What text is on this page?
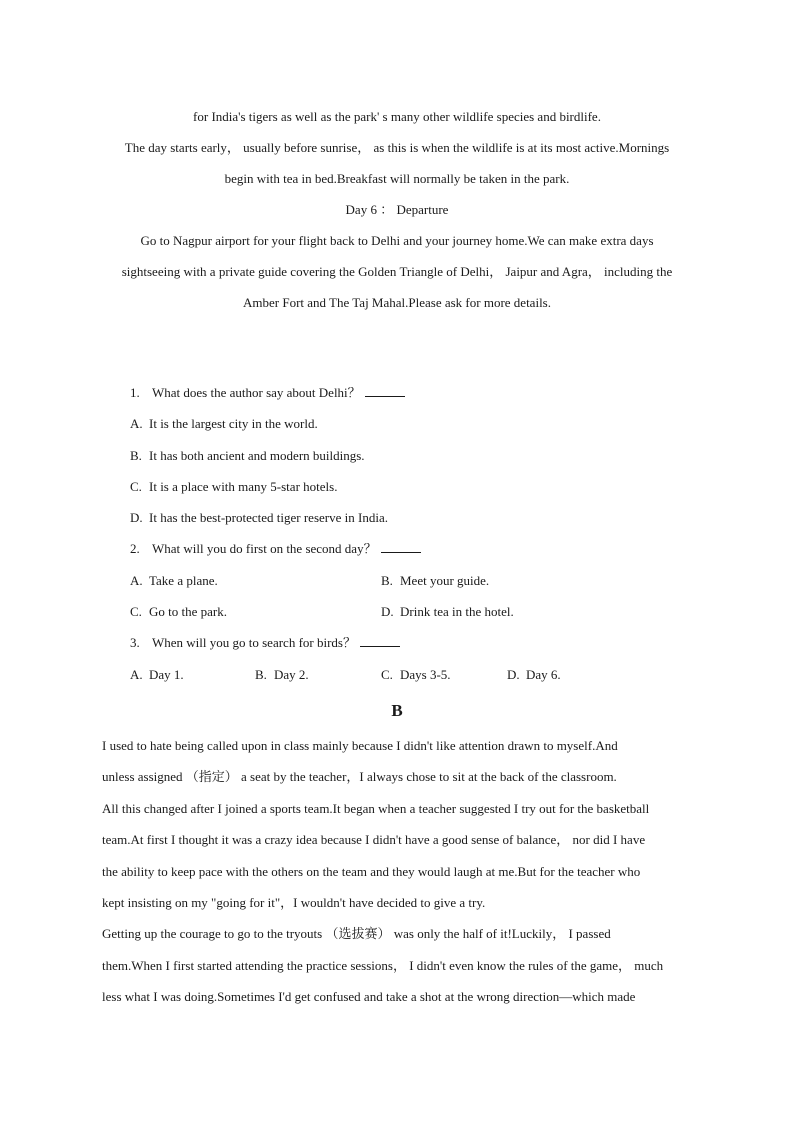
for India's tigers as well as the park' s many other wildlife species and birdlife.
The day starts early， usually before sunrise， as this is when the wildlife is at its most active.Mornings
begin with tea in bed.Breakfast will normally be taken in the park.
Day 6 ： Departure
Go to Nagpur airport for your flight back to Delhi and your journey home.We can make extra days
sightseeing with a private guide covering the Golden Triangle of Delhi， Jaipur and Agra， including the
Amber Fort and The Taj Mahal.Please ask for more details.
1. What does the author say about Delhi？
A. It is the largest city in the world.
B. It has both ancient and modern buildings.
C. It is a place with many 5-star hotels.
D. It has the best-protected tiger reserve in India.
2. What will you do first on the second day？
A. Take a plane.	B. Meet your guide.
C. Go to the park.	D. Drink tea in the hotel.
3. When will you go to search for birds？
A. Day 1.	B. Day 2.	C. Days 3-5.	D. Day 6.
B
I used to hate being called upon in class mainly because I didn't like attention drawn to myself.And
unless assigned （指定） a seat by the teacher，I always chose to sit at the back of the classroom.
All this changed after I joined a sports team.It began when a teacher suggested I try out for the basketball
team.At first I thought it was a crazy idea because I didn't have a good sense of balance， nor did I have
the ability to keep pace with the others on the team and they would laugh at me.But for the teacher who
kept insisting on my "going for it"，I wouldn't have decided to give a try.
Getting up the courage to go to the tryouts （选拔赛） was only the half of it!Luckily， I passed
them.When I first started attending the practice sessions， I didn't even know the rules of the game， much
less what I was doing.Sometimes I'd get confused and take a shot at the wrong direction—which made
